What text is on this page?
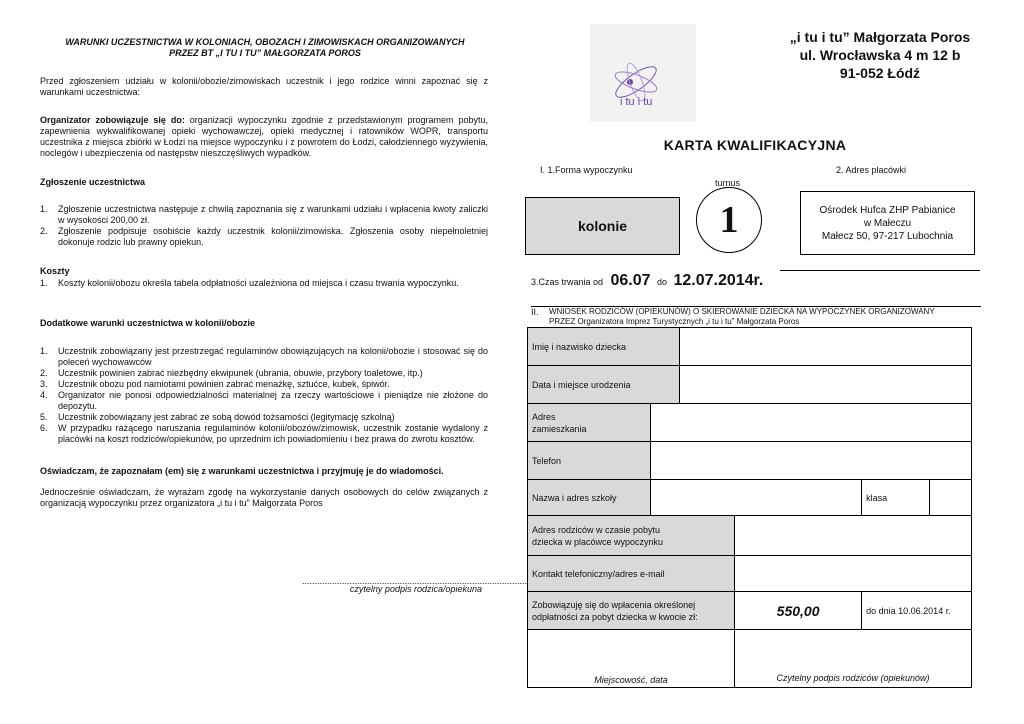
WARUNKI UCZESTNICTWA W KOLONIACH, OBOZACH I ZIMOWISKACH ORGANIZOWANYCH
PRZEZ BT „I TU I TU” MAŁGORZATA POROS
Przed zgłoszeniem udziału w kolonii/obozie/zimowiskach uczestnik i jego rodzice winni zapoznać się z warunkami uczestnictwa:
Organizator zobowiązuje się do: organizacji wypoczynku zgodnie z przedstawionym programem pobytu, zapewnienia wykwalifikowanej opieki wychowawczej, opieki medycznej i ratowników WOPR, transportu uczestnika z miejsca zbiórki w Łodzi na miejsce wypoczynku i z powrotem do Łodzi, całodziennego wyżywienia, noclegów i ubezpieczenia od następstw nieszczęśliwych wypadków.
Zgłoszenie uczestnictwa
1. Zgłoszenie uczestnictwa następuje z chwilą zapoznania się z warunkami udziału i wpłacenia kwoty zaliczki w wysokości 200,00 zł.
2. Zgłoszenie podpisuje osobiście każdy uczestnik kolonii/zimowiska. Zgłoszenia osoby niepełnoletniej dokonuje rodzic lub prawny opiekun.
Koszty
1. Koszty kolonii/obozu określa tabela odpłatności uzależniona od miejsca i czasu trwania wypoczynku.
Dodatkowe warunki uczestnictwa w kolonii/obozie
1. Uczestnik zobowiązany jest przestrzegać regulaminów obowiązujących na kolonii/obozie i stosować się do poleceń wychowawców
2. Uczestnik powinien zabrać niezbędny ekwipunek (ubrania, obuwie, przybory toaletowe, itp.)
3. Uczestnik obozu pod namiotami powinien zabrać menażkę, sztućce, kubek, śpiwór.
4. Organizator nie ponosi odpowiedzialności materialnej za rzeczy wartościowe i pieniądze nie złożone do depozytu.
5. Uczestnik zobowiązany jest zabrać ze sobą dowód tożsamości (legitymację szkolną)
6. W przypadku rażącego naruszania regulaminów kolonii/obozów/zimowisk, uczestnik zostanie wydalony z placówki na koszt rodziców/opiekunów, po uprzednim ich powiadomieniu i bez prawa do zwrotu kosztów.
Oświadczam, że zapoznałam (em) się z warunkami uczestnictwa i przyjmuję je do wiadomości.
Jednocześnie oświadczam, że wyrażam zgodę na wykorzystanie danych osobowych do celów związanych z organizacją wypoczynku przez organizatora „i tu i tu” Małgorzata Poros
..........................................................................................
czytelny podpis rodzica/opiekuna
i tu i tu
„i tu i tu” Małgorzata Poros
ul. Wrocławska 4 m 12 b
91-052 Łódź
KARTA KWALIFIKACYJNA
I. 1.Forma wypoczynku	2. Adres placówki
turnus
kolonie 1	Ośrodek Hufca ZHP Pabianice
w Małeczu
Małecz 50, 97-217 Lubochnia
3.Czas trwania od 06.07 do 12.07.2014r.
II.	WNIOSEK RODZICÓW (OPIEKUNÓW) O SKIEROWANIE DZIECKA NA WYPOCZYNEK ORGANIZOWANY
PRZEZ Organizatora Imprez Turystycznych „i tu i tu” Małgorzata Poros
Imię i nazwisko dziecka					
Data i miejsce urodzenia					

Adres
zamieszkania					

Telefon					
Nazwa i adres szkoły				klasa	

Adres rodziców w czasie pobytu
dziecka w placówce wypoczynku					

Kontakt telefoniczny/adres e-mail					

Zobowiązuję się do wpłacenia określonej
odpłatności za pobyt dziecka w kwocie zł:			550,00	do dnia 10.06.2014 r.	
Miejscowość, data			Czytelny podpis rodziców (opiekunów)		
